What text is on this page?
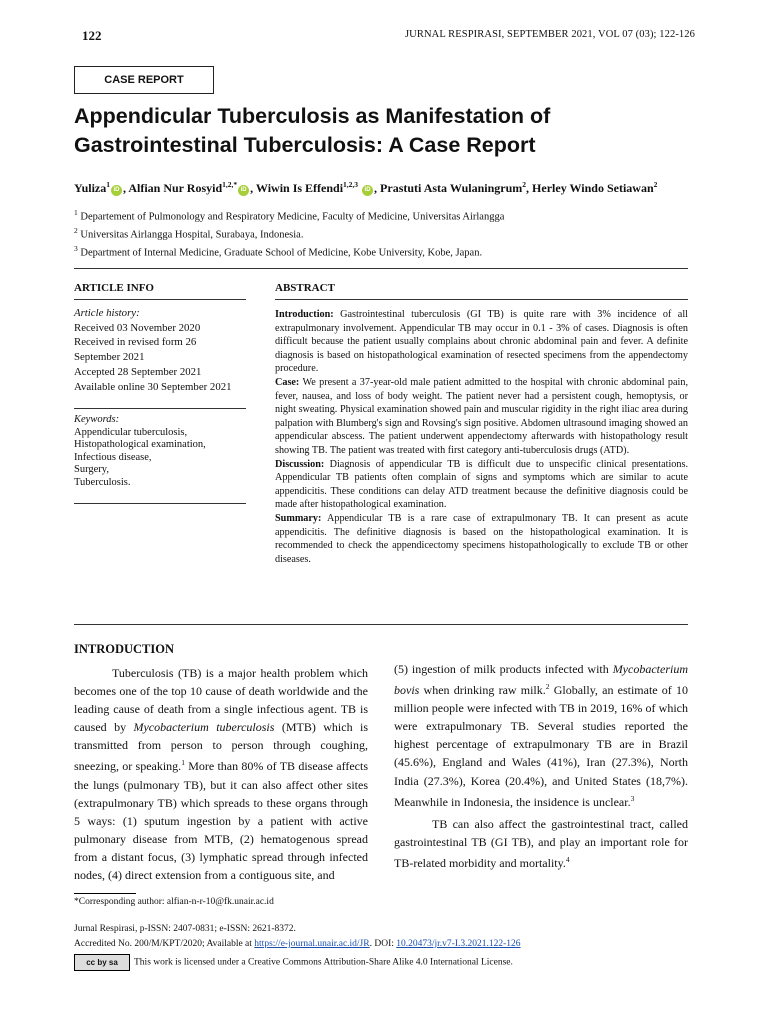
122	JURNAL RESPIRASI, SEPTEMBER 2021, VOL 07 (03); 122-126
CASE REPORT
Appendicular Tuberculosis as Manifestation of Gastrointestinal Tuberculosis: A Case Report
Yuliza$^1$iD , Alfian Nur Rosyid$^{1,2,*}$iD , Wiwin Is Effendi$^{1,2,3}$ iD , Prastuti Asta Wulaningrum$^2$, Herley Windo Setiawan$^2$
$^1$ Departement of Pulmonology and Respiratory Medicine, Faculty of Medicine, Universitas Airlangga
$^2$ Universitas Airlangga Hospital, Surabaya, Indonesia.
$^3$ Department of Internal Medicine, Graduate School of Medicine, Kobe University, Kobe, Japan.
ARTICLE INFO	ABSTRACT
Article history:
Received 03 November 2020
Received in revised form 26
September 2021
Accepted 28 September 2021
Available online 30 September 2021
Keywords:
Appendicular tuberculosis,
Histopathological examination,
Infectious disease,
Surgery,
Tuberculosis.

Introduction: Gastrointestinal tuberculosis (GI TB) is quite rare with 3% incidence of all extrapulmonary involvement. Appendicular TB may occur in 0.1 - 3% of cases. Diagnosis is often difficult because the patient usually complains about chronic abdominal pain and fever. A definite diagnosis is based on histopathological examination of resected specimens from the appendectomy procedure.

Case: We present a 37-year-old male patient admitted to the hospital with chronic abdominal pain, fever, nausea, and loss of body weight. The patient never had a persistent cough, hemoptysis, or night sweating. Physical examination showed pain and muscular rigidity in the right iliac area during palpation with Blumberg's sign and Rovsing's sign positive. Abdomen ultrasound imaging showed an appendicular abscess. The patient underwent appendectomy afterwards with histopathology result showing TB. The patient was treated with first category anti-tuberculosis drugs (ATD).

Discussion: Diagnosis of appendicular TB is difficult due to unspecific clinical presentations. Appendicular TB patients often complain of signs and symptoms which are similar to acute appendicitis. These conditions can delay ATD treatment because the definitive diagnosis could be made after histopathological examination.

Summary: Appendicular TB is a rare case of extrapulmonary TB. It can present as acute appendicitis. The definitive diagnosis is based on the histopathological examination. It is recommended to check the appendicectomy specimens histopathologically to exclude TB or other diseases.

INTRODUCTION

Tuberculosis (TB) is a major health problem which becomes one of the top 10 cause of death worldwide and the leading cause of death from a single infectious agent. TB is caused by Mycobacterium tuberculosis (MTB) which is transmitted from person to person through coughing, sneezing, or speaking.$^1$ More than 80% of TB disease affects the lungs (pulmonary TB), but it can also affect other sites (extrapulmonary TB) which spreads to these organs through 5 ways: (1) sputum ingestion by a patient with active pulmonary disease from MTB, (2) hematogenous spread from a distant focus, (3) lymphatic spread through infected nodes, (4) direct extension from a contiguous site, and

(5) ingestion of milk products infected with Mycobacterium bovis when drinking raw milk.$^2$ Globally, an estimate of 10 million people were infected with TB in 2019, 16% of which were extrapulmonary TB. Several studies reported the highest percentage of extrapulmonary TB are in Brazil (45.6%), England and Wales (41%), Iran (27.3%), North India (27.3%), Korea (20.4%), and United States (18,7%). Meanwhile in Indonesia, the insidence is unclear.$^3$

TB can also affect the gastrointestinal tract, called gastrointestinal TB (GI TB), and play an important role for TB-related morbidity and mortality.$^4$

*Corresponding author: alfian-n-r-10@fk.unair.ac.id
Jurnal Respirasi, p-ISSN: 2407-0831; e-ISSN: 2621-8372.
Accredited No. 200/M/KPT/2020; Available at https://e-journal.unair.ac.id/JR. DOI: 10.20473/jr.v7-I.3.2021.122-126
cc by sa This work is licensed under a Creative Commons Attribution-Share Alike 4.0 International License.
